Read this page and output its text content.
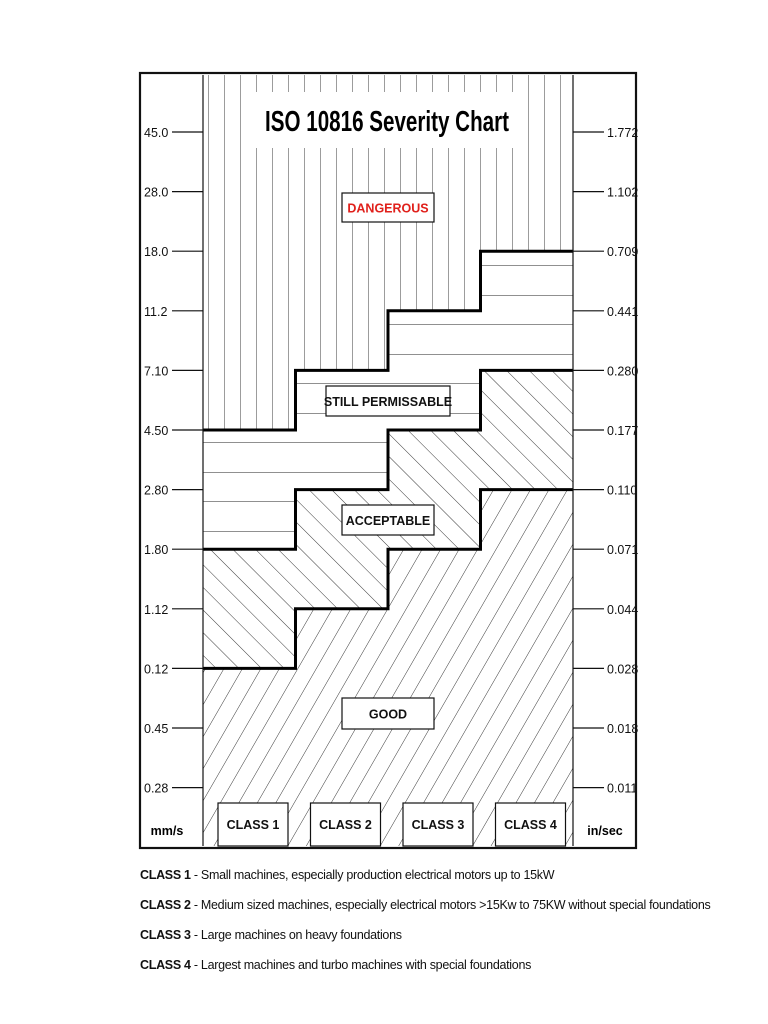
45.0
28.0
18.0
11.2
7.10
4.50
2.80
1.80
1.12
0.12
0.45
0.28
1.772
1.102
0.709
0.441
0.280
0.177
0.110
0.071
0.044
0.028
0.018
0.011
ISO 10816 Severity Chart
DANGEROUS
STILL PERMISSABLE
ACCEPTABLE
GOOD
CLASS 1	CLASS 2	CLASS 3	CLASS 4
mm/s	in/sec
CLASS 1 - Small machines, especially production electrical motors up to 15kW
CLASS 2 - Medium sized machines, especially electrical motors >15Kw to 75KW without special foundations
CLASS 3 - Large machines on heavy foundations
CLASS 4 - Largest machines and turbo machines with special foundations
